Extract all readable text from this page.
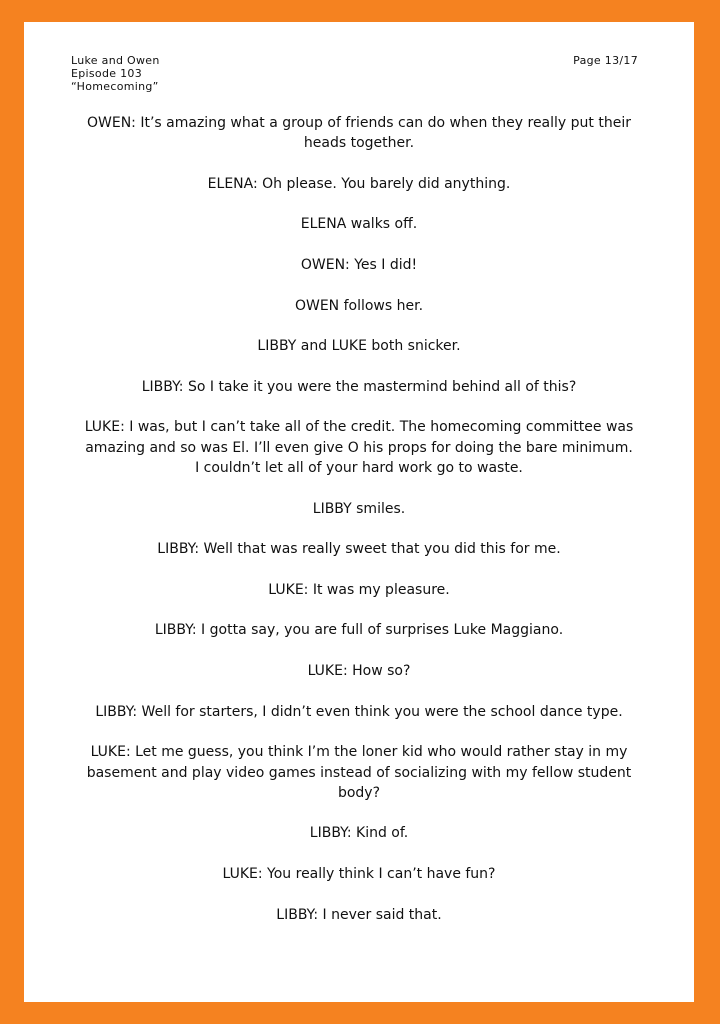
Luke and Owen
Episode 103
“Homecoming”
Page 13/17

OWEN: It’s amazing what a group of friends can do when they really put their heads together.

ELENA: Oh please. You barely did anything.

ELENA walks off.

OWEN: Yes I did!

OWEN follows her.

LIBBY and LUKE both snicker.

LIBBY: So I take it you were the mastermind behind all of this?

LUKE: I was, but I can’t take all of the credit. The homecoming committee was amazing and so was El. I’ll even give O his props for doing the bare minimum. I couldn’t let all of your hard work go to waste.

LIBBY smiles.

LIBBY: Well that was really sweet that you did this for me.

LUKE: It was my pleasure.

LIBBY: I gotta say, you are full of surprises Luke Maggiano.

LUKE: How so?

LIBBY: Well for starters, I didn’t even think you were the school dance type.

LUKE: Let me guess, you think I’m the loner kid who would rather stay in my basement and play video games instead of socializing with my fellow student body?

LIBBY: Kind of.

LUKE: You really think I can’t have fun?

LIBBY: I never said that.
